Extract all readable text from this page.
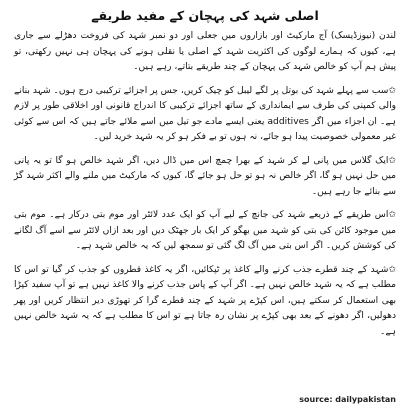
اصلی شہد کی پہچان کے مفید طریقے

لندن (نیوزڈیسک) آج مارکیٹ اور بازاروں میں جعلی اور دو نمبر شہد کی فروخت دھڑلے سے جاری ہے، کیوں کہ ہمارے لوگوں کی اکثریت شہد کے اصلی یا نقلی ہونے کی پہچان ہی نہیں رکھتی، تو پیش ہم آپ کو خالص شہد کی پہچان کے چند طریقے بتاتے، رہے ہیں۔

✩سب سے پہلے شہد کی بوتل پر لگے لیبل کو چیک کریں، جس پر اجزائے ترکیبی درج ہوں۔ شہد بنانے والی کمپنی کی طرف سے ایمانداری کے ساتھ اجزائے ترکیبی کا اندراج قانونی اور اخلاقی طور پر لازم ہے۔ ان اجزاء میں اگر additives یعنی ایسے مادے جو تیل میں اسے ملائے جاتے ہیں کہ اس سے کوئی غیر معمولی خصوصیت پیدا ہو جائے، نہ ہوں تو بے فکر ہو کر یہ شہد خرید لیں۔

✩ایک گلاس میں پانی لے کر شہد کے بھرا چمچ اس میں ڈال دیں، اگر شہد خالص ہو گا تو یہ پانی میں حل نہیں ہو گا، اگر خالص نہ ہو تو حل ہو جائے گا، کیوں کہ مارکیٹ میں ملنے والے اکثر شہد گڑ سے بنائے جا رہے ہیں۔

✩اس طریقے کے ذریعے شہد کی جانچ کے لیے آپ کو ایک عدد لائٹر اور موم بتی درکار ہے۔ موم بتی میں موجود کاٹن کی بتی کو شہد میں بھگو کر ایک بار جھٹک دیں اور بعد ازاں لائٹر سے اسے آگ لگانے کی کوشش کریں۔ اگر اس بتی میں آگ لگ گئی تو سمجھ لیں کہ یہ خالص شہد ہے۔

✩شہد کے چند قطرے جذب کرنے والے کاغذ پر ٹپکائیں، اگر یہ کاغذ قطروں کو جذب کر گیا تو اس کا مطلب ہے کہ یہ شہد خالص نہیں ہے۔ اگر آپ کے پاس جذب کرنے والا کاغذ نہیں ہے تو آپ سفید کپڑا بھی استعمال کر سکتے ہیں، اس کپڑے پر شہد کے چند قطرے گرا کر تھوڑی دیر انتظار کریں اور پھر دھولیں، اگر دھونے کے بعد بھی کپڑے پر نشان رہ جاتا ہے تو اس کا مطلب ہے کہ یہ شہد خالص نہیں ہے۔

source: dailypakistan
